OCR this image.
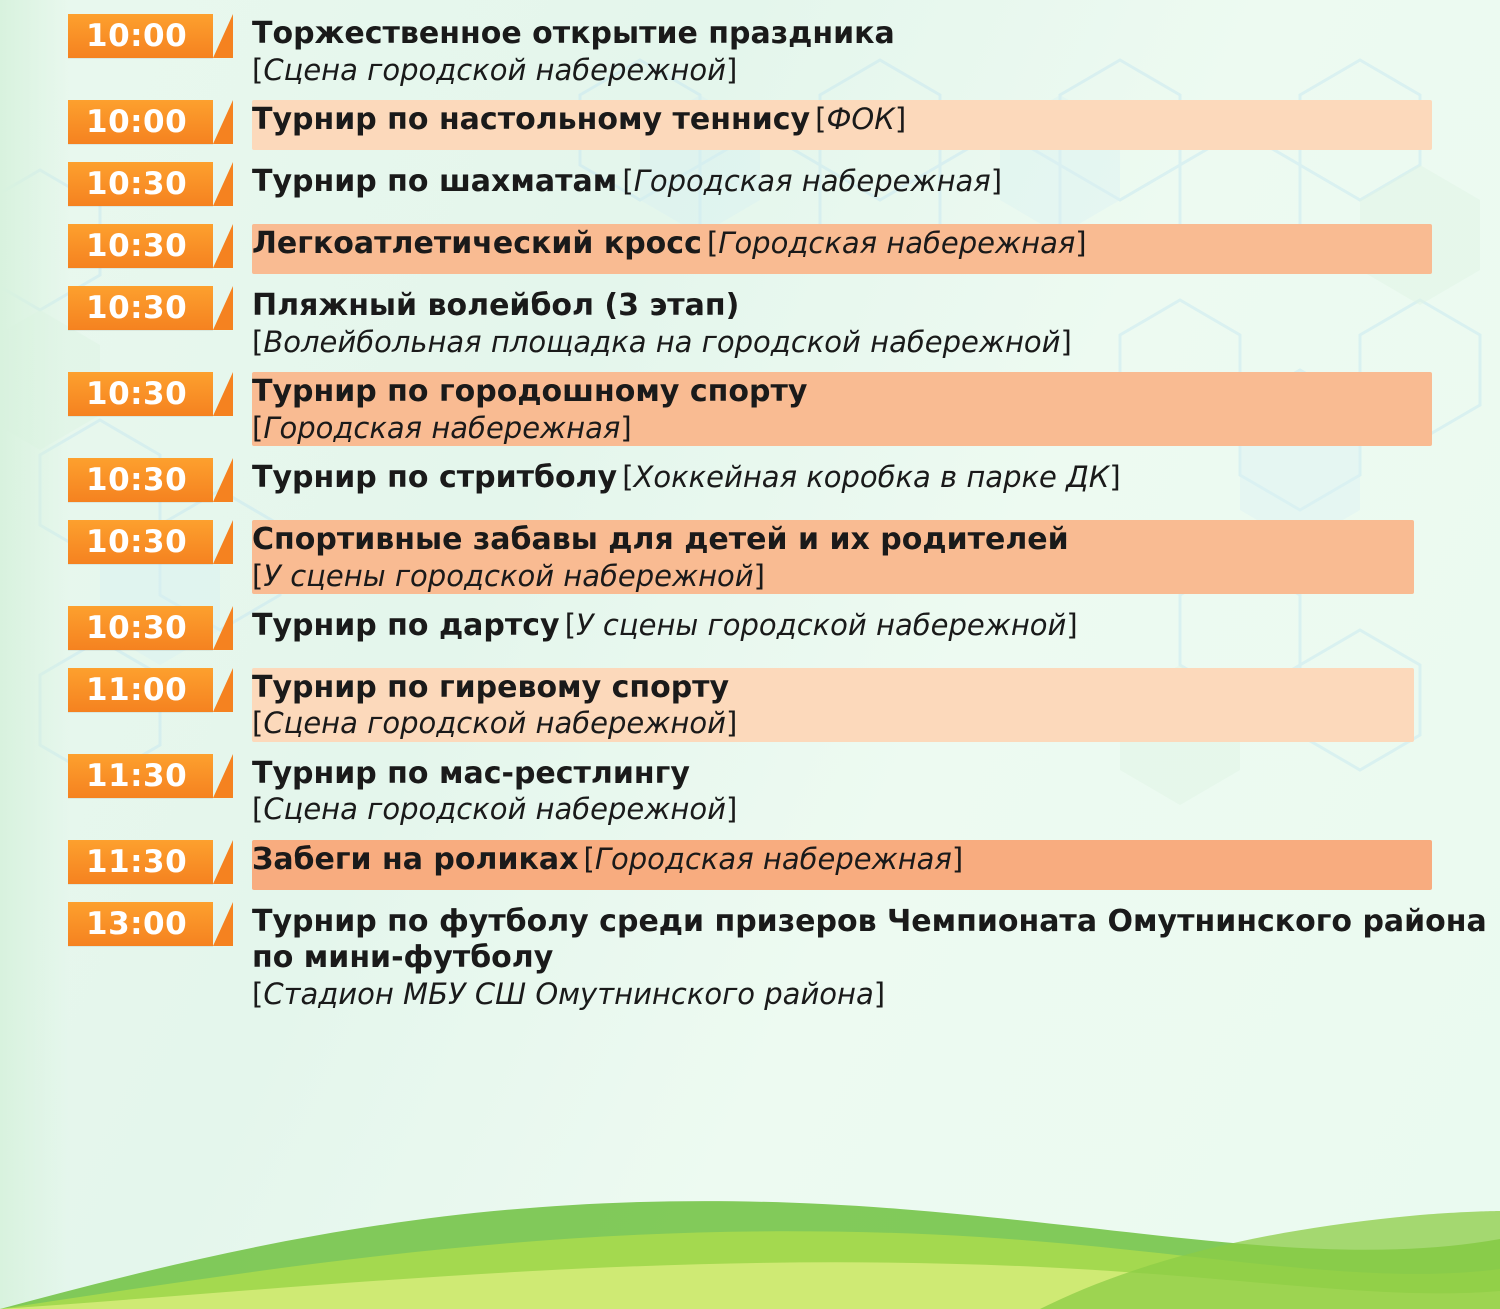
10:00	Торжественное открытие праздника
[Сцена городской набережной]
10:00	Турнир по настольному теннису [ФОК]
10:30	Турнир по шахматам [Городская набережная]
10:30	Легкоатлетический кросс [Городская набережная]
10:30	Пляжный волейбол (3 этап)
[Волейбольная площадка на городской набережной]
10:30	Турнир по городошному спорту
[Городская набережная]
10:30	Турнир по стритболу [Хоккейная коробка в парке ДК]
10:30	Спортивные забавы для детей и их родителей
[У сцены городской набережной]
10:30	Турнир по дартсу [У сцены городской набережной]
11:00	Турнир по гиревому спорту
[Сцена городской набережной]
11:30	Турнир по мас-рестлингу
[Сцена городской набережной]
11:30	Забеги на роликах [Городская набережная]
13:00	Турнир по футболу среди призеров Чемпионата Омутнинского района по мини-футболу
[Стадион МБУ СШ Омутнинского района]
